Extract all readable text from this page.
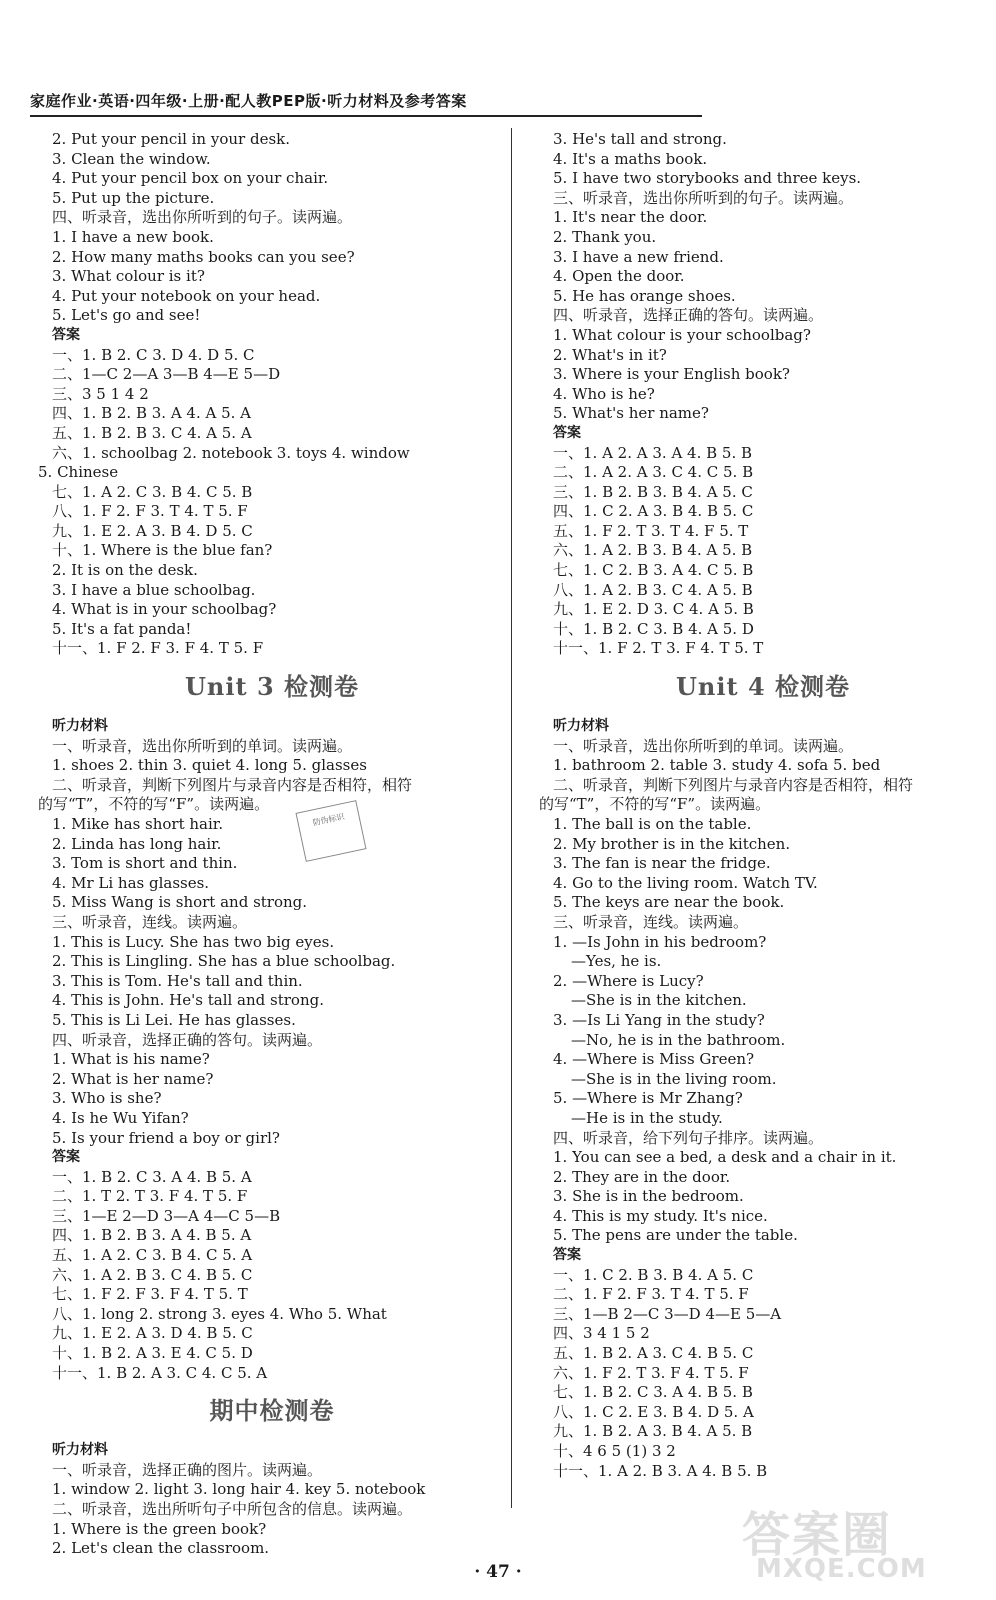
家庭作业·英语·四年级·上册·配人教PEP版·听力材料及参考答案
2. Put your pencil in your desk.
3. Clean the window.
4. Put your pencil box on your chair.
5. Put up the picture.
四、听录音，选出你所听到的句子。读两遍。
1. I have a new book.
2. How many maths books can you see?
3. What colour is it?
4. Put your notebook on your head.
5. Let's go and see!
答案
一、1. B 2. C 3. D 4. D 5. C
二、1—C 2—A 3—B 4—E 5—D
三、3 5 1 4 2
四、1. B 2. B 3. A 4. A 5. A
五、1. B 2. B 3. C 4. A 5. A
六、1. schoolbag 2. notebook 3. toys 4. window
5. Chinese
七、1. A 2. C 3. B 4. C 5. B
八、1. F 2. F 3. T 4. T 5. F
九、1. E 2. A 3. B 4. D 5. C
十、1. Where is the blue fan?
2. It is on the desk.
3. I have a blue schoolbag.
4. What is in your schoolbag?
5. It's a fat panda!
十一、1. F 2. F 3. F 4. T 5. F
Unit 3 检测卷
听力材料
一、听录音，选出你所听到的单词。读两遍。
1. shoes 2. thin 3. quiet 4. long 5. glasses
二、听录音，判断下列图片与录音内容是否相符，相符
的写“T”，不符的写“F”。读两遍。
1. Mike has short hair.
2. Linda has long hair.
3. Tom is short and thin.
4. Mr Li has glasses.
5. Miss Wang is short and strong.
三、听录音，连线。读两遍。
1. This is Lucy. She has two big eyes.
2. This is Lingling. She has a blue schoolbag.
3. This is Tom. He's tall and thin.
4. This is John. He's tall and strong.
5. This is Li Lei. He has glasses.
四、听录音，选择正确的答句。读两遍。
1. What is his name?
2. What is her name?
3. Who is she?
4. Is he Wu Yifan?
5. Is your friend a boy or girl?
答案
一、1. B 2. C 3. A 4. B 5. A
二、1. T 2. T 3. F 4. T 5. F
三、1—E 2—D 3—A 4—C 5—B
四、1. B 2. B 3. A 4. B 5. A
五、1. A 2. C 3. B 4. C 5. A
六、1. A 2. B 3. C 4. B 5. C
七、1. F 2. F 3. F 4. T 5. T
八、1. long 2. strong 3. eyes 4. Who 5. What
九、1. E 2. A 3. D 4. B 5. C
十、1. B 2. A 3. E 4. C 5. D
十一、1. B 2. A 3. C 4. C 5. A
期中检测卷
听力材料
一、听录音，选择正确的图片。读两遍。
1. window 2. light 3. long hair 4. key 5. notebook
二、听录音，选出所听句子中所包含的信息。读两遍。
1. Where is the green book?
2. Let's clean the classroom.
3. He's tall and strong.
4. It's a maths book.
5. I have two storybooks and three keys.
三、听录音，选出你所听到的句子。读两遍。
1. It's near the door.
2. Thank you.
3. I have a new friend.
4. Open the door.
5. He has orange shoes.
四、听录音，选择正确的答句。读两遍。
1. What colour is your schoolbag?
2. What's in it?
3. Where is your English book?
4. Who is he?
5. What's her name?
答案
一、1. A 2. A 3. A 4. B 5. B
二、1. A 2. A 3. C 4. C 5. B
三、1. B 2. B 3. B 4. A 5. C
四、1. C 2. A 3. B 4. B 5. C
五、1. F 2. T 3. T 4. F 5. T
六、1. A 2. B 3. B 4. A 5. B
七、1. C 2. B 3. A 4. C 5. B
八、1. A 2. B 3. C 4. A 5. B
九、1. E 2. D 3. C 4. A 5. B
十、1. B 2. C 3. B 4. A 5. D
十一、1. F 2. T 3. F 4. T 5. T
Unit 4 检测卷
听力材料
一、听录音，选出你所听到的单词。读两遍。
1. bathroom 2. table 3. study 4. sofa 5. bed
二、听录音，判断下列图片与录音内容是否相符，相符
的写“T”，不符的写“F”。读两遍。
1. The ball is on the table.
2. My brother is in the kitchen.
3. The fan is near the fridge.
4. Go to the living room. Watch TV.
5. The keys are near the book.
三、听录音，连线。读两遍。
1. —Is John in his bedroom?
—Yes, he is.
2. —Where is Lucy?
—She is in the kitchen.
3. —Is Li Yang in the study?
—No, he is in the bathroom.
4. —Where is Miss Green?
—She is in the living room.
5. —Where is Mr Zhang?
—He is in the study.
四、听录音，给下列句子排序。读两遍。
1. You can see a bed, a desk and a chair in it.
2. They are in the door.
3. She is in the bedroom.
4. This is my study. It's nice.
5. The pens are under the table.
答案
一、1. C 2. B 3. B 4. A 5. C
二、1. F 2. F 3. T 4. T 5. F
三、1—B 2—C 3—D 4—E 5—A
四、3 4 1 5 2
五、1. B 2. A 3. C 4. B 5. C
六、1. F 2. T 3. F 4. T 5. F
七、1. B 2. C 3. A 4. B 5. B
八、1. C 2. E 3. B 4. D 5. A
九、1. B 2. A 3. B 4. A 5. B
十、4 6 5 (1) 3 2
十一、1. A 2. B 3. A 4. B 5. B
防伪标识
· 47 ·
答案圈
MXQE.COM
